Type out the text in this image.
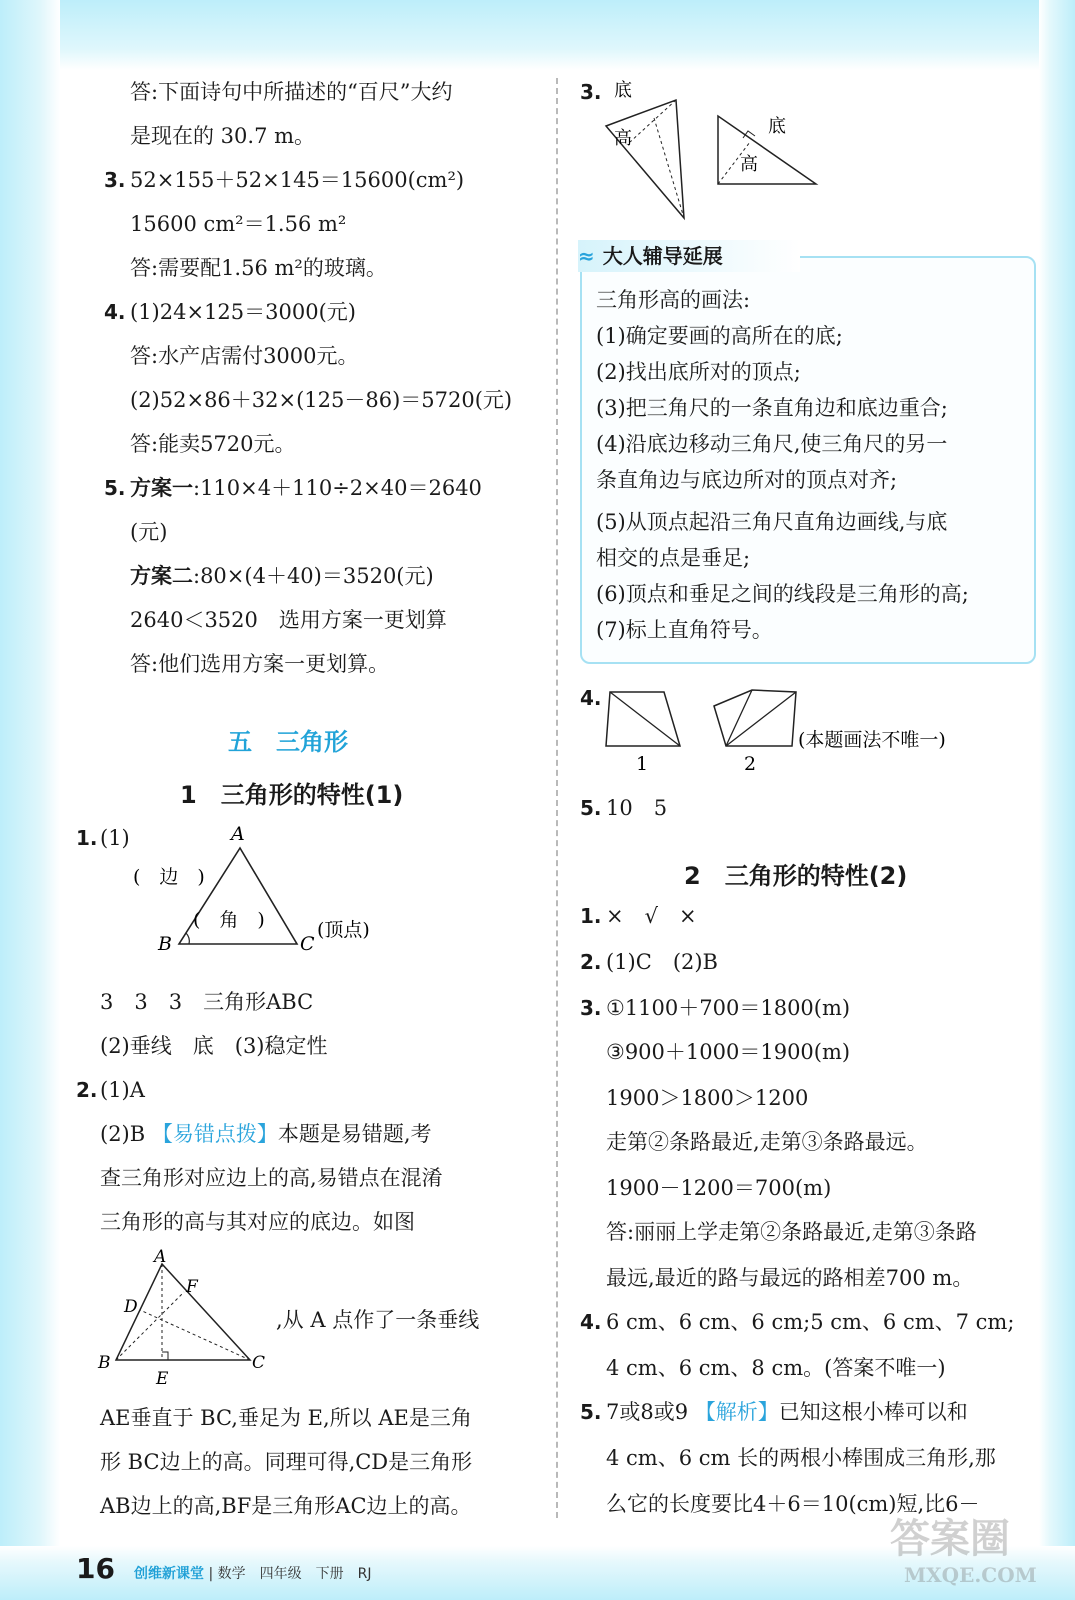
答:下面诗句中所描述的“百尺”大约
是现在的 30.7 m。
3. 52×155＋52×145＝15600(cm²)
15600 cm²＝1.56 m²
答:需要配1.56 m²的玻璃。
4. (1)24×125＝3000(元)
答:水产店需付3000元。
(2)52×86＋32×(125－86)＝5720(元)
答:能卖5720元。
5. 方案一:110×4＋110÷2×40＝2640
(元)
方案二:80×(4＋40)＝3520(元)
2640＜3520　选用方案一更划算
答:他们选用方案一更划算。
五　三角形
1　三角形的特性(1)
1. (1)	A
B	C
(　边　)
(　角　)	(顶点)
3　3　3　三角形ABC
(2)垂线　底　(3)稳定性
2. (1)A
(2)B 【易错点拨】本题是易错题,考
查三角形对应边上的高,易错点在混淆
三角形的高与其对应的底边。如图
A
B	C
D
E
F
,从 A 点作了一条垂线
AE垂直于 BC,垂足为 E,所以 AE是三角
形 BC边上的高。同理可得,CD是三角形
AB边上的高,BF是三角形AC边上的高。
3. 底
高
底
高
≈ 大人辅导延展
三角形高的画法:
(1)确定要画的高所在的底;
(2)找出底所对的顶点;
(3)把三角尺的一条直角边和底边重合;
(4)沿底边移动三角尺,使三角尺的另一
条直角边与底边所对的顶点对齐;
(5)从顶点起沿三角尺直角边画线,与底
相交的点是垂足;
(6)顶点和垂足之间的线段是三角形的高;
(7)标上直角符号。
4.
1	2
(本题画法不唯一)
5. 10　5
2　三角形的特性(2)
1. ×　√　×
2. (1)C　(2)B
3. ①1100＋700＝1800(m)
③900＋1000＝1900(m)
1900＞1800＞1200
走第②条路最近,走第③条路最远。
1900－1200＝700(m)
答:丽丽上学走第②条路最近,走第③条路
最远,最近的路与最远的路相差700 m。
4. 6 cm、6 cm、6 cm;5 cm、6 cm、7 cm;
4 cm、6 cm、8 cm。(答案不唯一)
5. 7或8或9 【解析】已知这根小棒可以和
4 cm、6 cm 长的两根小棒围成三角形,那
么它的长度要比4＋6＝10(cm)短,比6－
16 创维新课堂 | 数学　四年级　下册　RJ
答案圈
MXQE.COM
